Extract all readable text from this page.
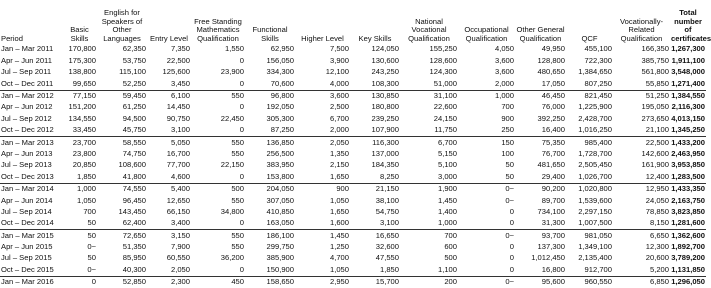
Period	Basic Skills	English for Speakers of Other Languages	Entry Level	Free Standing Mathematics Qualification	Functional Skills	Higher Level	Key Skills	National Vocational Qualification	Occupational Qualification	Other General Qualification	QCF	Vocationally-Related Qualification	Total number of certificates
Jan – Mar 2011	170,800	62,350	7,350	1,550	62,950	7,500	124,050	155,250	4,050	49,950	455,100	166,350	1,267,300
Apr – Jun 2011	175,300	53,750	22,500	0	156,050	3,900	130,600	128,600	3,600	128,800	722,300	385,750	1,911,100
Jul – Sep 2011	138,800	115,100	125,600	23,900	334,300	12,100	243,250	124,300	3,600	480,650	1,384,650	561,800	3,548,000
Oct – Dec 2011	99,650	52,250	3,450	0	70,600	4,000	108,300	51,000	2,000	17,050	807,250	55,850	1,271,400
Jan – Mar 2012	77,150	59,450	6,100	550	96,800	3,600	130,850	31,100	1,000	46,450	821,450	51,250	1,384,550
Apr – Jun 2012	151,200	61,250	14,450	0	192,050	2,500	180,800	22,600	700	76,000	1,225,900	195,050	2,116,300
Jul – Sep 2012	134,550	94,500	90,750	22,450	305,300	6,700	239,250	24,150	900	392,250	2,428,700	273,650	4,013,150
Oct – Dec 2012	33,450	45,750	3,100	0	87,250	2,000	107,900	11,750	250	16,400	1,016,250	21,100	1,345,250
Jan – Mar 2013	23,700	58,550	5,050	550	136,850	2,050	116,300	6,700	150	75,350	985,400	22,500	1,433,200
Apr – Jun 2013	23,800	74,750	16,700	550	256,500	1,350	137,000	5,150	100	76,700	1,728,700	142,600	2,463,950
Jul – Sep 2013	20,850	108,600	77,700	22,150	383,950	2,150	184,350	5,100	50	481,650	2,505,450	161,900	3,953,850
Oct – Dec 2013	1,850	41,800	4,600	0	153,800	1,650	8,250	3,000	50	29,400	1,026,700	12,400	1,283,500
Jan – Mar 2014	1,000	74,550	5,400	500	204,050	900	21,150	1,900	0~	90,200	1,020,800	12,950	1,433,350
Apr – Jun 2014	1,050	96,450	12,650	550	307,050	1,050	38,100	1,450	0~	89,700	1,539,600	24,050	2,163,750
Jul – Sep 2014	700	143,450	66,150	34,800	410,850	1,650	54,750	1,400	0	734,100	2,297,150	78,850	3,823,850
Oct – Dec 2014	50	62,400	3,400	0	163,050	1,600	3,100	1,000	0	31,300	1,007,500	8,150	1,281,600
Jan – Mar 2015	50	72,650	3,150	550	186,100	1,450	16,650	700	0~	93,700	981,050	6,650	1,362,600
Apr – Jun 2015	0~	51,350	7,900	550	299,750	1,250	32,600	600	0	137,300	1,349,100	12,300	1,892,700
Jul – Sep 2015	50	85,950	60,550	36,200	385,900	4,700	47,550	500	0	1,012,450	2,135,400	20,600	3,789,200
Oct – Dec 2015	0~	40,300	2,050	0	150,900	1,050	1,850	1,100	0	16,800	912,700	5,200	1,131,850
Jan – Mar 2016	0	52,850	2,300	450	158,650	2,950	15,700	200	0~	95,600	960,550	6,850	1,296,050
